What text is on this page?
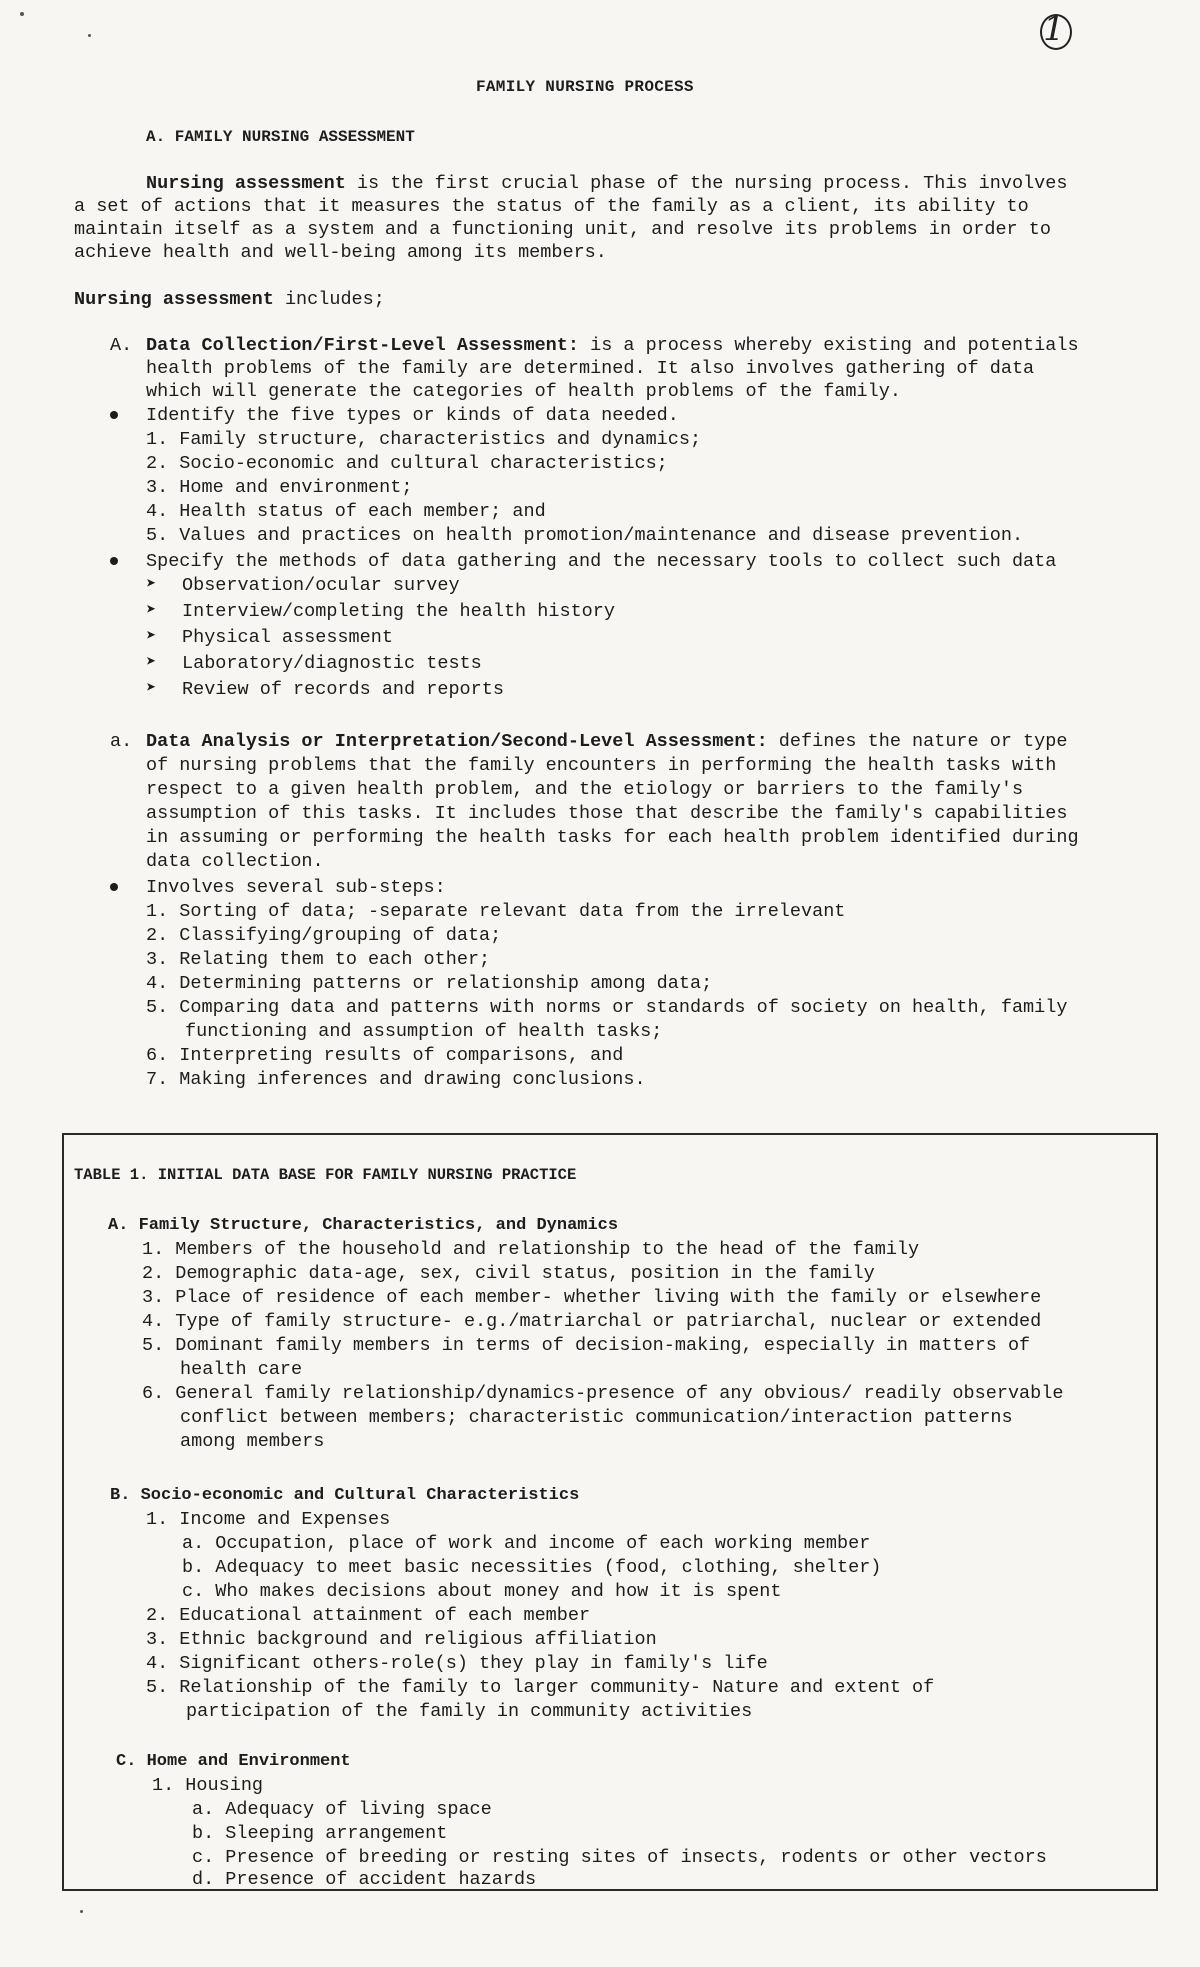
1
FAMILY NURSING PROCESS
A. FAMILY NURSING ASSESSMENT
Nursing assessment is the first crucial phase of the nursing process. This involves
a set of actions that it measures the status of the family as a client, its ability to
maintain itself as a system and a functioning unit, and resolve its problems in order to
achieve health and well-being among its members.
Nursing assessment includes;
A. Data Collection/First-Level Assessment: is a process whereby existing and potentials
health problems of the family are determined. It also involves gathering of data
which will generate the categories of health problems of the family.
Identify the five types or kinds of data needed.
1. Family structure, characteristics and dynamics;
2. Socio-economic and cultural characteristics;
3. Home and environment;
4. Health status of each member; and
5. Values and practices on health promotion/maintenance and disease prevention.
Specify the methods of data gathering and the necessary tools to collect such data
➤ Observation/ocular survey
➤ Interview/completing the health history
➤ Physical assessment
➤ Laboratory/diagnostic tests
➤ Review of records and reports
a. Data Analysis or Interpretation/Second-Level Assessment: defines the nature or type
of nursing problems that the family encounters in performing the health tasks with
respect to a given health problem, and the etiology or barriers to the family's
assumption of this tasks. It includes those that describe the family's capabilities
in assuming or performing the health tasks for each health problem identified during
data collection.
Involves several sub-steps:
1. Sorting of data; -separate relevant data from the irrelevant
2. Classifying/grouping of data;
3. Relating them to each other;
4. Determining patterns or relationship among data;
5. Comparing data and patterns with norms or standards of society on health, family
functioning and assumption of health tasks;
6. Interpreting results of comparisons, and
7. Making inferences and drawing conclusions.
TABLE 1. INITIAL DATA BASE FOR FAMILY NURSING PRACTICE
A. Family Structure, Characteristics, and Dynamics
1. Members of the household and relationship to the head of the family
2. Demographic data-age, sex, civil status, position in the family
3. Place of residence of each member- whether living with the family or elsewhere
4. Type of family structure- e.g./matriarchal or patriarchal, nuclear or extended
5. Dominant family members in terms of decision-making, especially in matters of
health care
6. General family relationship/dynamics-presence of any obvious/ readily observable
conflict between members; characteristic communication/interaction patterns
among members
B. Socio-economic and Cultural Characteristics
1. Income and Expenses
a. Occupation, place of work and income of each working member
b. Adequacy to meet basic necessities (food, clothing, shelter)
c. Who makes decisions about money and how it is spent
2. Educational attainment of each member
3. Ethnic background and religious affiliation
4. Significant others-role(s) they play in family's life
5. Relationship of the family to larger community- Nature and extent of
participation of the family in community activities
C. Home and Environment
1. Housing
a. Adequacy of living space
b. Sleeping arrangement
c. Presence of breeding or resting sites of insects, rodents or other vectors
d. Presence of accident hazards
